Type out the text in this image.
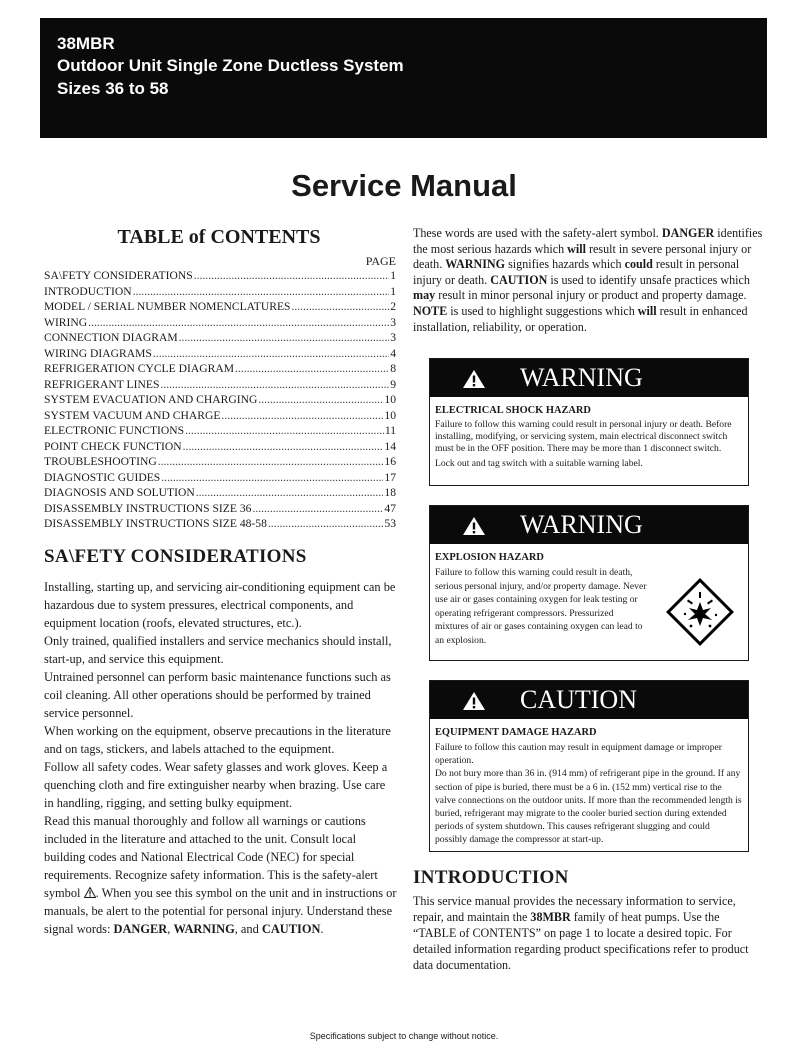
38MBR
Outdoor Unit Single Zone Ductless System
Sizes 36 to 58
Service Manual
TABLE of CONTENTS
PAGE
SA\FETY CONSIDERATIONS .....	1
INTRODUCTION .....	1
MODEL / SERIAL NUMBER NOMENCLATURES .....	2
WIRING .....	3
CONNECTION DIAGRAM .....	3
WIRING DIAGRAMS .....	4
REFRIGERATION CYCLE DIAGRAM .....	8
REFRIGERANT LINES .....	9
SYSTEM EVACUATION AND CHARGING .....	10
SYSTEM VACUUM AND CHARGE .....	10
ELECTRONIC FUNCTIONS .....	11
POINT CHECK FUNCTION .....	14
TROUBLESHOOTING .....	16
DIAGNOSTIC GUIDES .....	17
DIAGNOSIS AND SOLUTION .....	18
DISASSEMBLY INSTRUCTIONS SIZE 36 .....	47
DISASSEMBLY INSTRUCTIONS SIZE 48-58 .....	53
SA\FETY CONSIDERATIONS

Installing, starting up, and servicing air-conditioning equipment can be hazardous due to system pressures, electrical components, and equipment location (roofs, elevated structures, etc.).

Only trained, qualified installers and service mechanics should install, start-up, and service this equipment.

Untrained personnel can perform basic maintenance functions such as coil cleaning. All other operations should be performed by trained service personnel.

When working on the equipment, observe precautions in the literature and on tags, stickers, and labels attached to the equipment.

Follow all safety codes. Wear safety glasses and work gloves. Keep a quenching cloth and fire extinguisher nearby when brazing. Use care in handling, rigging, and setting bulky equipment.

Read this manual thoroughly and follow all warnings or cautions included in the literature and attached to the unit. Consult local building codes and National Electrical Code (NEC) for special requirements. Recognize safety information. This is the safety-alert symbol . When you see this symbol on the unit and in instructions or manuals, be alert to the potential for personal injury. Understand these signal words: DANGER, WARNING, and CAUTION.

These words are used with the safety-alert symbol. DANGER identifies the most serious hazards which will result in severe personal injury or death. WARNING signifies hazards which could result in personal injury or death. CAUTION is used to identify unsafe practices which may result in minor personal injury or product and property damage. NOTE is used to highlight suggestions which will result in enhanced installation, reliability, or operation.

WARNING
ELECTRICAL SHOCK HAZARD

Failure to follow this warning could result in personal injury or death. Before installing, modifying, or servicing system, main electrical disconnect switch must be in the OFF position. There may be more than 1 disconnect switch.

Lock out and tag switch with a suitable warning label.

WARNING
EXPLOSION HAZARD

Failure to follow this warning could result in death, serious personal injury, and/or property damage. Never use air or gases containing oxygen for leak testing or operating refrigerant compressors. Pressurized mixtures of air or gases containing oxygen can lead to an explosion.

CAUTION
EQUIPMENT DAMAGE HAZARD

Failure to follow this caution may result in equipment damage or improper operation.

Do not bury more than 36 in. (914 mm) of refrigerant pipe in the ground. If any section of pipe is buried, there must be a 6 in. (152 mm) vertical rise to the valve connections on the outdoor units. If more than the recommended length is buried, refrigerant may migrate to the cooler buried section during extended periods of system shutdown. This causes refrigerant slugging and could possibly damage the compressor at start-up.

INTRODUCTION

This service manual provides the necessary information to service, repair, and maintain the 38MBR family of heat pumps. Use the “TABLE of CONTENTS” on page 1 to locate a desired topic. For detailed information regarding product specifications refer to product data documentation.

Specifications subject to change without notice.
